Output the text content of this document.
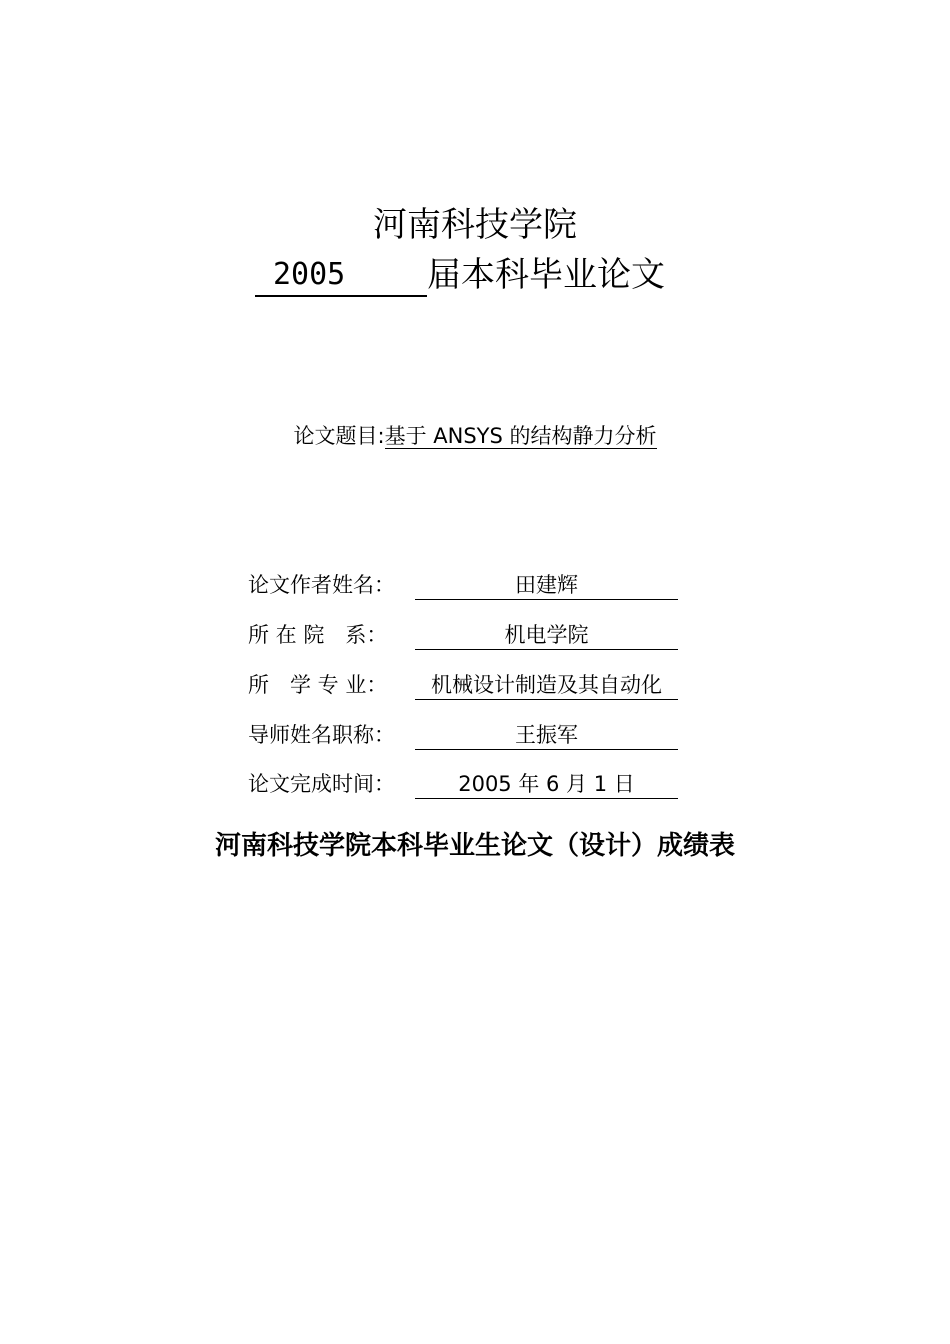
河南科技学院
2005 届本科毕业论文
论文题目:基于 ANSYS 的结构静力分析
论文作者姓名：	田建辉
所 在 院　系：	机电学院
所　学 专 业： 机械设计制造及其自动化
导师姓名职称：	王振军
论文完成时间：	2005 年 6 月 1 日
河南科技学院本科毕业生论文（设计）成绩表
